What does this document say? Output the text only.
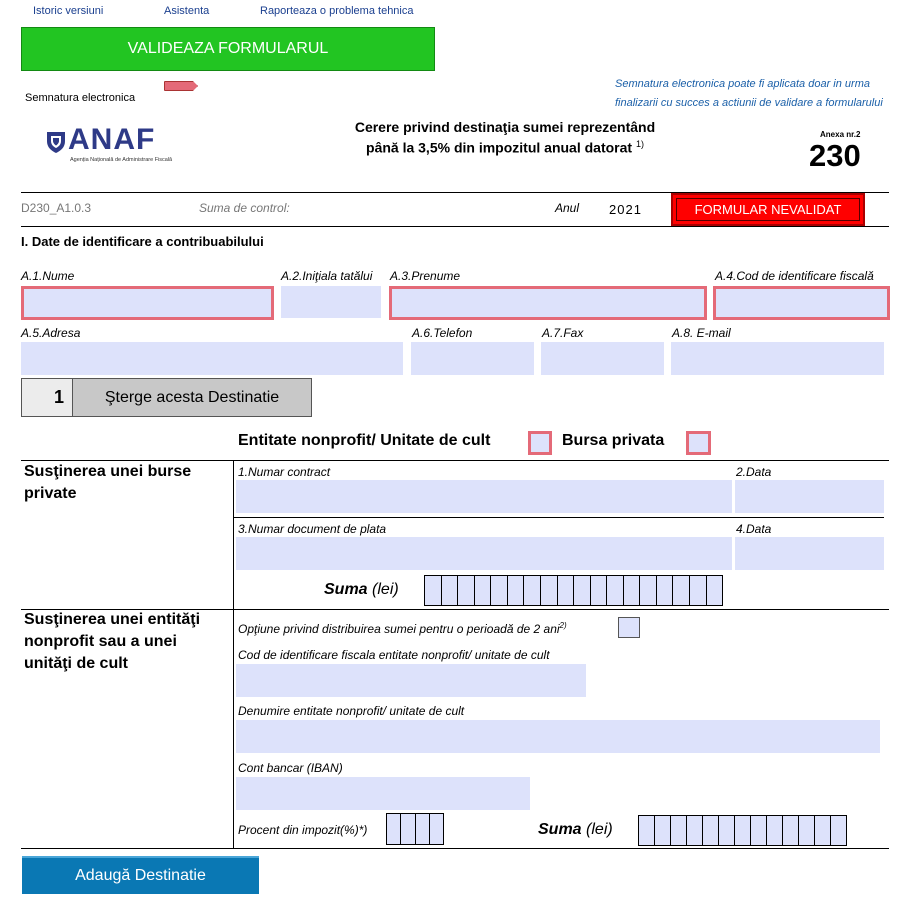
Istoric versiuni	Asistenta	Raporteaza o problema tehnica
VALIDEAZA FORMULARUL
Semnatura electronica
Semnatura electronica poate fi aplicata doar in urma
finalizarii cu succes a actiunii de validare a formularului
ANAF
Agenția Națională de Administrare Fiscală
Cerere privind destinaţia sumei reprezentând
până la 3,5% din impozitul anual datorat $^{1)}$
Anexa nr.2
230
D230_A1.0.3	Suma de control:	Anul 2021	FORMULAR NEVALIDAT
I. Date de identificare a contribuabilului
A.1.Nume	A.2.Iniţiala tatălui A.3.Prenume	A.4.Cod de identificare fiscală
A.5.Adresa	A.6.Telefon	A.7.Fax	A.8. E-mail
1	Şterge acesta Destinatie
Entitate nonprofit/ Unitate de cult	Bursa privata
Susţinerea unei burse private
1.Numar contract	2.Data
3.Numar document de plata	4.Data
Suma (lei)
Susţinerea unei entităţi nonprofit sau a unei unităţi de cult
Opţiune privind distribuirea sumei pentru o perioadă de 2 ani$^{2)}$
Cod de identificare fiscala entitate nonprofit/ unitate de cult
Denumire entitate nonprofit/ unitate de cult
Cont bancar (IBAN)
Procent din impozit(%)*)	Suma (lei)
Adaugă Destinatie
